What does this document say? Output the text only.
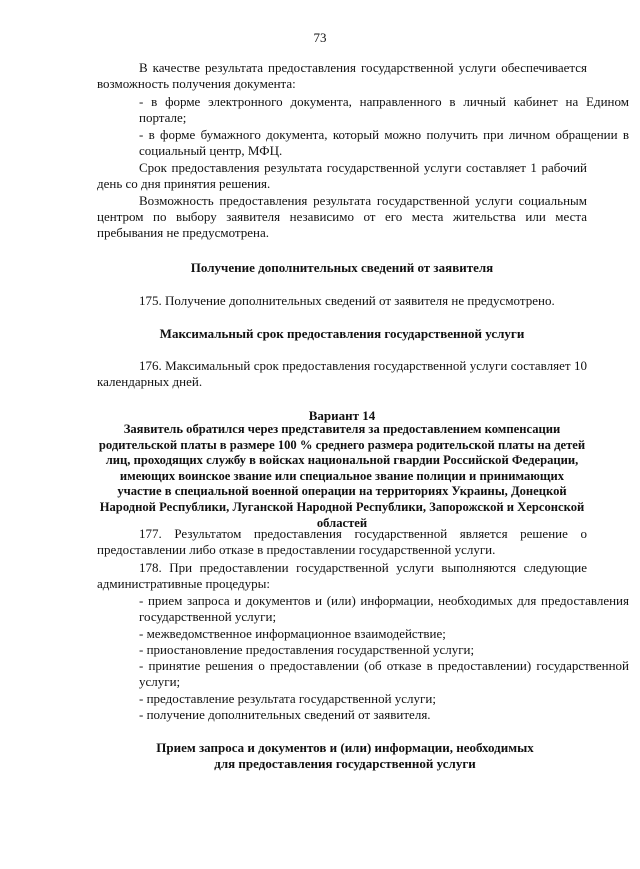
73

В качестве результата предоставления государственной услуги обеспечивается возможность получения документа:

- в форме электронного документа, направленного в личный кабинет на Едином портале;

- в форме бумажного документа, который можно получить при личном обращении в социальный центр, МФЦ.

Срок предоставления результата государственной услуги составляет 1 рабочий день со дня принятия решения.

Возможность предоставления результата государственной услуги социальным центром по выбору заявителя независимо от его места жительства или места пребывания не предусмотрена.

Получение дополнительных сведений от заявителя

175. Получение дополнительных сведений от заявителя не предусмотрено.

Максимальный срок предоставления государственной услуги

176. Максимальный срок предоставления государственной услуги составляет 10 календарных дней.

Вариант 14

Заявитель обратился через представителя за предоставлением компенсации родительской платы в размере 100 % среднего размера родительской платы на детей лиц, проходящих службу в войсках национальной гвардии Российской Федерации, имеющих воинское звание или специальное звание полиции и принимающих участие в специальной военной операции на территориях Украины, Донецкой Народной Республики, Луганской Народной Республики, Запорожской и Херсонской областей

177. Результатом предоставления государственной является решение о предоставлении либо отказе в предоставлении государственной услуги.

178. При предоставлении государственной услуги выполняются следующие административные процедуры:

- прием запроса и документов и (или) информации, необходимых для предоставления государственной услуги;

- межведомственное информационное взаимодействие;

- приостановление предоставления государственной услуги;

- принятие решения о предоставлении (об отказе в предоставлении) государственной услуги;

- предоставление результата государственной услуги;

- получение дополнительных сведений от заявителя.

Прием запроса и документов и (или) информации, необходимых для предоставления государственной услуги
